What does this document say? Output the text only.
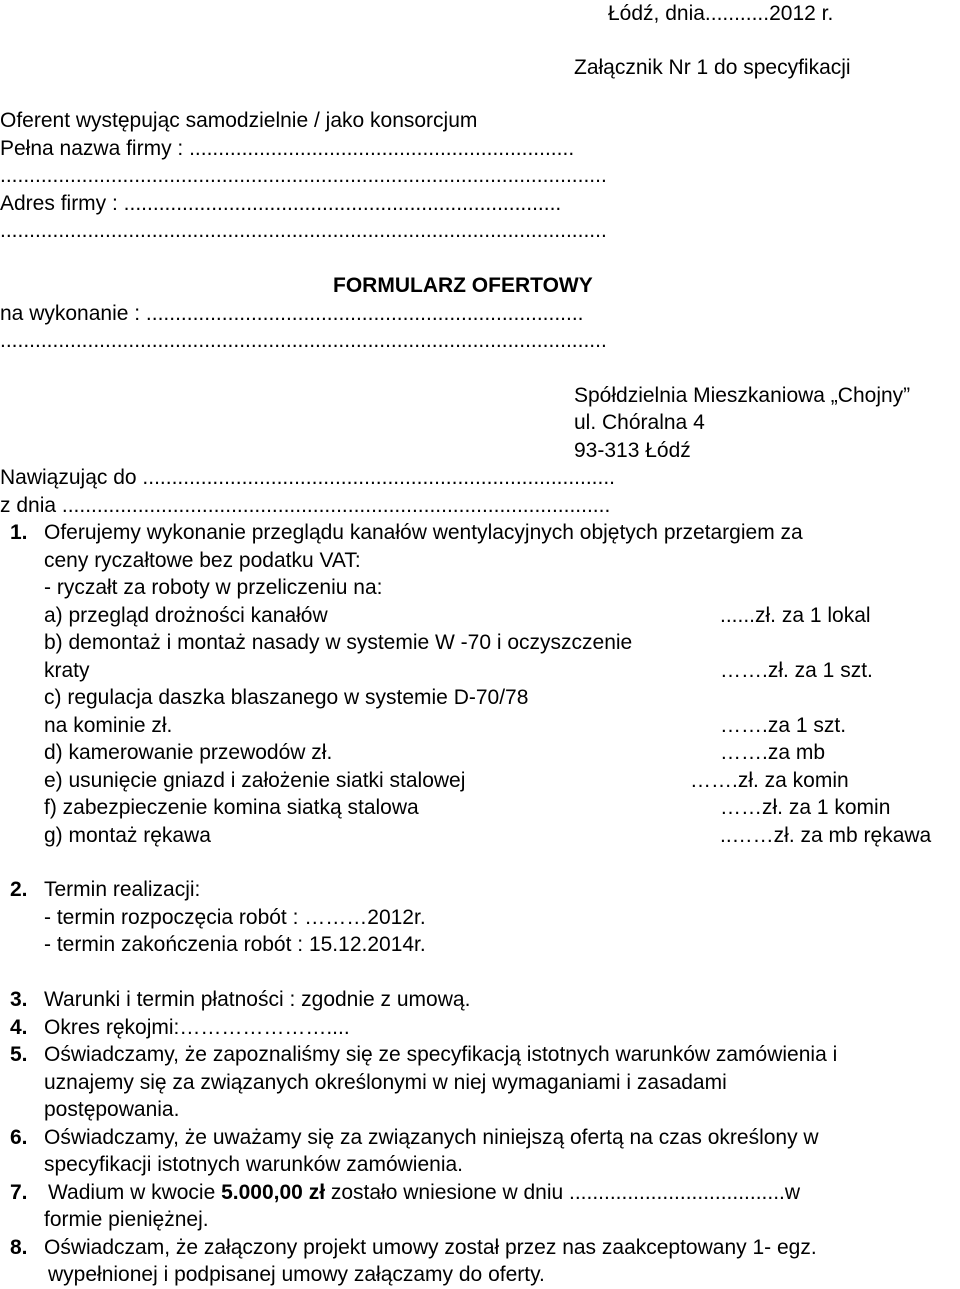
Łódź, dnia...........2012 r.
Załącznik Nr 1 do specyfikacji
Oferent występując samodzielnie / jako konsorcjum
Pełna nazwa firmy : ..................................................................
........................................................................................................
Adres firmy : ...........................................................................
........................................................................................................
FORMULARZ OFERTOWY
na wykonanie : ...........................................................................
........................................................................................................
Spółdzielnia Mieszkaniowa „Chojny”
ul. Chóralna 4
93-313 Łódź
Nawiązując do .................................................................................
z dnia ..............................................................................................
1. Oferujemy wykonanie przeglądu kanałów wentylacyjnych objętych przetargiem za
ceny ryczałtowe bez podatku VAT:
- ryczałt za roboty w przeliczeniu na:
a) przegląd drożności kanałów	......zł. za 1 lokal
b) demontaż i montaż nasady w systemie W -70 i oczyszczenie
kraty	…….zł. za 1 szt.
c) regulacja daszka blaszanego w systemie D-70/78
na kominie zł.	…….za 1 szt.
d) kamerowanie przewodów zł.	…….za mb
e) usunięcie gniazd i założenie siatki stalowej	…….zł. za komin
f) zabezpieczenie komina siatką stalowa	……zł. za 1 komin
g) montaż rękawa	..……zł. za mb rękawa
2. Termin realizacji:
- termin rozpoczęcia robót : ………2012r.
- termin zakończenia robót : 15.12.2014r.
3. Warunki i termin płatności : zgodnie z umową.
4. Okres rękojmi:…………………....
5. Oświadczamy, że zapoznaliśmy się ze specyfikacją istotnych warunków zamówienia i
uznajemy się za związanych określonymi w niej wymaganiami i zasadami
postępowania.
6. Oświadczamy, że uważamy się za związanych niniejszą ofertą na czas określony w
specyfikacji istotnych warunków zamówienia.
7. Wadium w kwocie 5.000,00 zł zostało wniesione w dniu .....................................w
formie pieniężnej.
8. Oświadczam, że załączony projekt umowy został przez nas zaakceptowany 1- egz.
wypełnionej i podpisanej umowy załączamy do oferty.
